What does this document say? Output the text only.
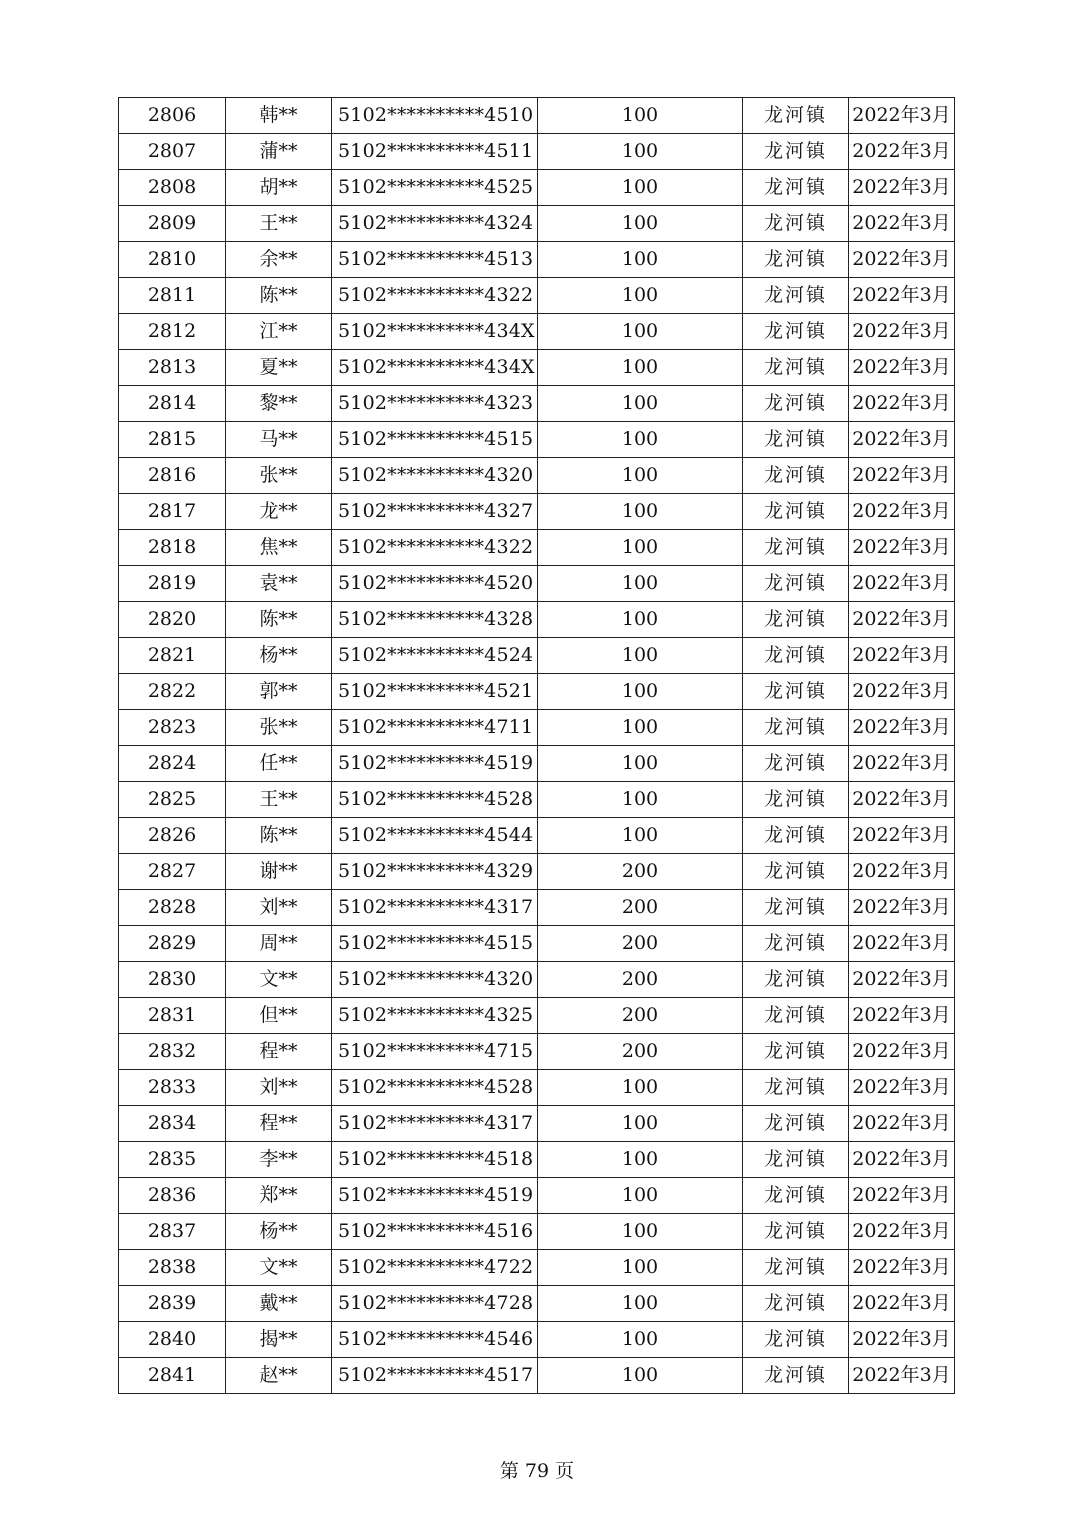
2806	韩**	5102**********4510	100	龙河镇	2022年3月
2807	蒲**	5102**********4511	100	龙河镇	2022年3月
2808	胡**	5102**********4525	100	龙河镇	2022年3月
2809	王**	5102**********4324	100	龙河镇	2022年3月
2810	余**	5102**********4513	100	龙河镇	2022年3月
2811	陈**	5102**********4322	100	龙河镇	2022年3月
2812	江**	5102**********434X	100	龙河镇	2022年3月
2813	夏**	5102**********434X	100	龙河镇	2022年3月
2814	黎**	5102**********4323	100	龙河镇	2022年3月
2815	马**	5102**********4515	100	龙河镇	2022年3月
2816	张**	5102**********4320	100	龙河镇	2022年3月
2817	龙**	5102**********4327	100	龙河镇	2022年3月
2818	焦**	5102**********4322	100	龙河镇	2022年3月
2819	袁**	5102**********4520	100	龙河镇	2022年3月
2820	陈**	5102**********4328	100	龙河镇	2022年3月
2821	杨**	5102**********4524	100	龙河镇	2022年3月
2822	郭**	5102**********4521	100	龙河镇	2022年3月
2823	张**	5102**********4711	100	龙河镇	2022年3月
2824	任**	5102**********4519	100	龙河镇	2022年3月
2825	王**	5102**********4528	100	龙河镇	2022年3月
2826	陈**	5102**********4544	100	龙河镇	2022年3月
2827	谢**	5102**********4329	200	龙河镇	2022年3月
2828	刘**	5102**********4317	200	龙河镇	2022年3月
2829	周**	5102**********4515	200	龙河镇	2022年3月
2830	文**	5102**********4320	200	龙河镇	2022年3月
2831	但**	5102**********4325	200	龙河镇	2022年3月
2832	程**	5102**********4715	200	龙河镇	2022年3月
2833	刘**	5102**********4528	100	龙河镇	2022年3月
2834	程**	5102**********4317	100	龙河镇	2022年3月
2835	李**	5102**********4518	100	龙河镇	2022年3月
2836	郑**	5102**********4519	100	龙河镇	2022年3月
2837	杨**	5102**********4516	100	龙河镇	2022年3月
2838	文**	5102**********4722	100	龙河镇	2022年3月
2839	戴**	5102**********4728	100	龙河镇	2022年3月
2840	揭**	5102**********4546	100	龙河镇	2022年3月
2841	赵**	5102**********4517	100	龙河镇	2022年3月
第 79 页
